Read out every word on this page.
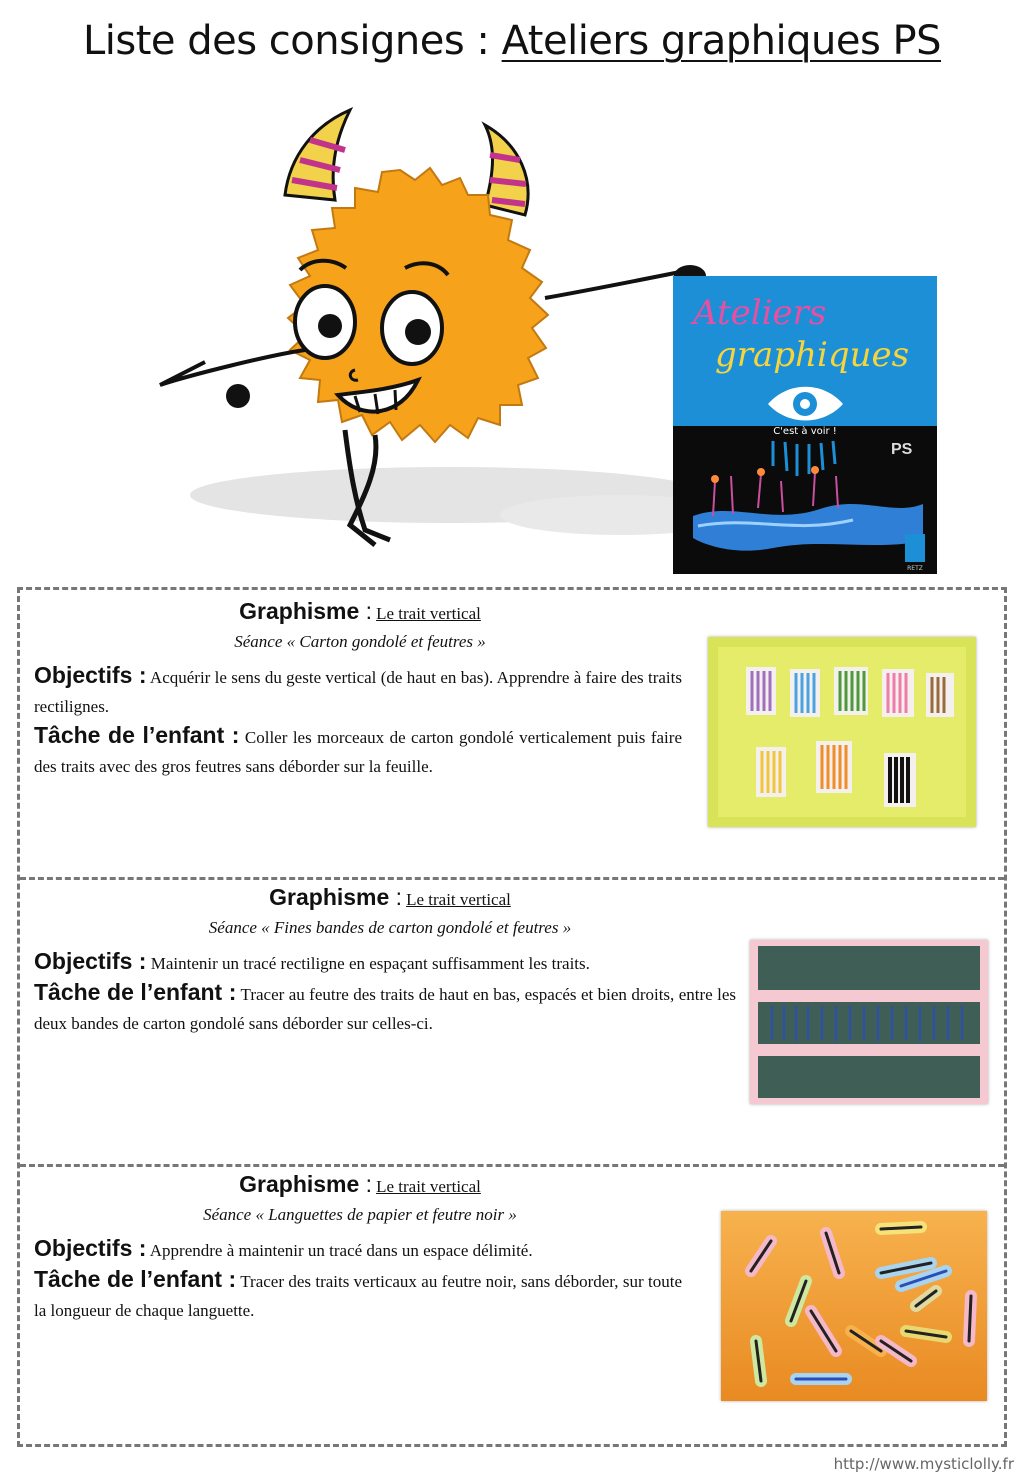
Liste des consignes : Ateliers graphiques PS
Ateliers
graphiques
C'est à voir !
PS
RETZ
Graphisme : Le trait vertical
Séance « Carton gondolé et feutres »
Objectifs : Acquérir le sens du geste vertical (de haut en bas). Apprendre à faire des traits rectilignes.
Tâche de l’enfant : Coller les morceaux de carton gondolé verticalement puis faire des traits avec des gros feutres sans déborder sur la feuille.
Graphisme : Le trait vertical
Séance « Fines bandes de carton gondolé et feutres »
Objectifs : Maintenir un tracé rectiligne en espaçant suffisamment les traits.
Tâche de l’enfant : Tracer au feutre des traits de haut en bas, espacés et bien droits, entre les deux bandes de carton gondolé sans déborder sur celles-ci.
Graphisme : Le trait vertical
Séance « Languettes de papier et feutre noir »
Objectifs : Apprendre à maintenir un tracé dans un espace délimité.
Tâche de l’enfant : Tracer des traits verticaux au feutre noir, sans déborder, sur toute la longueur de chaque languette.
http://www.mysticlolly.fr
